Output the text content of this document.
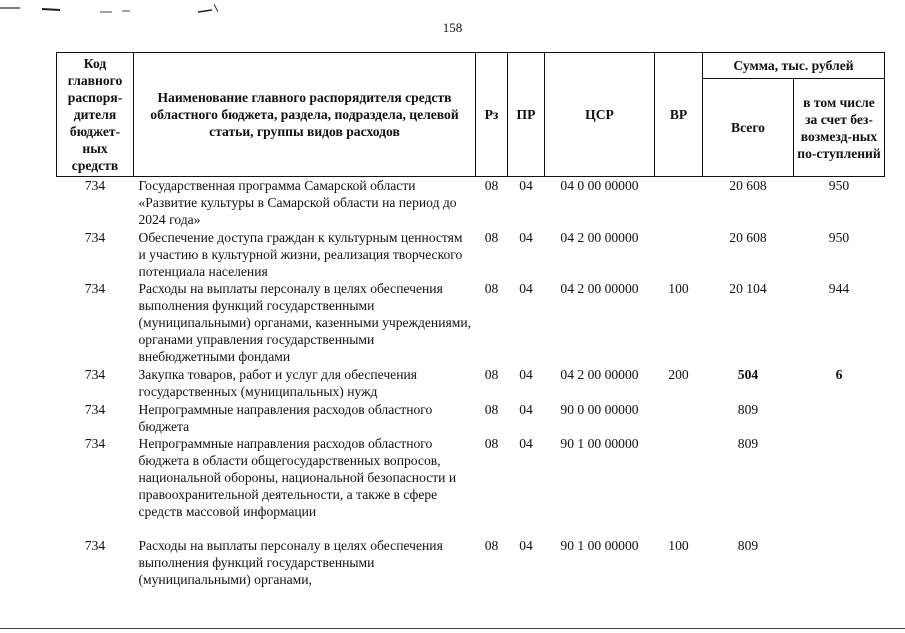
158
Код главного распоря-дителя бюджет-ных средств	Наименование главного распорядителя средств областного бюджета, раздела, подраздела, целевой статьи, группы видов расходов	Рз	ПР	ЦСР	ВР	Сумма, тыс. рублей	
						Всего	в том числе за счет без-возмезд-ных по-ступлений
734	Государственная программа Самарской области «Развитие культуры в Самарской области на период до 2024 года»	08	04	04 0 00 00000		20 608	950
734	Обеспечение доступа граждан к культурным ценностям и участию в культурной жизни, реализация творческого потенциала населения	08	04	04 2 00 00000		20 608	950
734	Расходы на выплаты персоналу в целях обеспечения выполнения функций государственными (муниципальными) органами, казенными учреждениями, органами управления государственными внебюджетными фондами	08	04	04 2 00 00000	100	20 104	944
734	Закупка товаров, работ и услуг для обеспечения государственных (муниципальных) нужд	08	04	04 2 00 00000	200	504	6
734	Непрограммные направления расходов областного бюджета	08	04	90 0 00 00000		809	
734	Непрограммные направления расходов областного бюджета в области общегосударственных вопросов, национальной обороны, национальной безопасности и правоохранительной деятельности, а также в сфере средств массовой информации	08	04	90 1 00 00000		809	
734	Расходы на выплаты персоналу в целях обеспечения выполнения функций государственными (муниципальными) органами,	08	04	90 1 00 00000	100	809	
